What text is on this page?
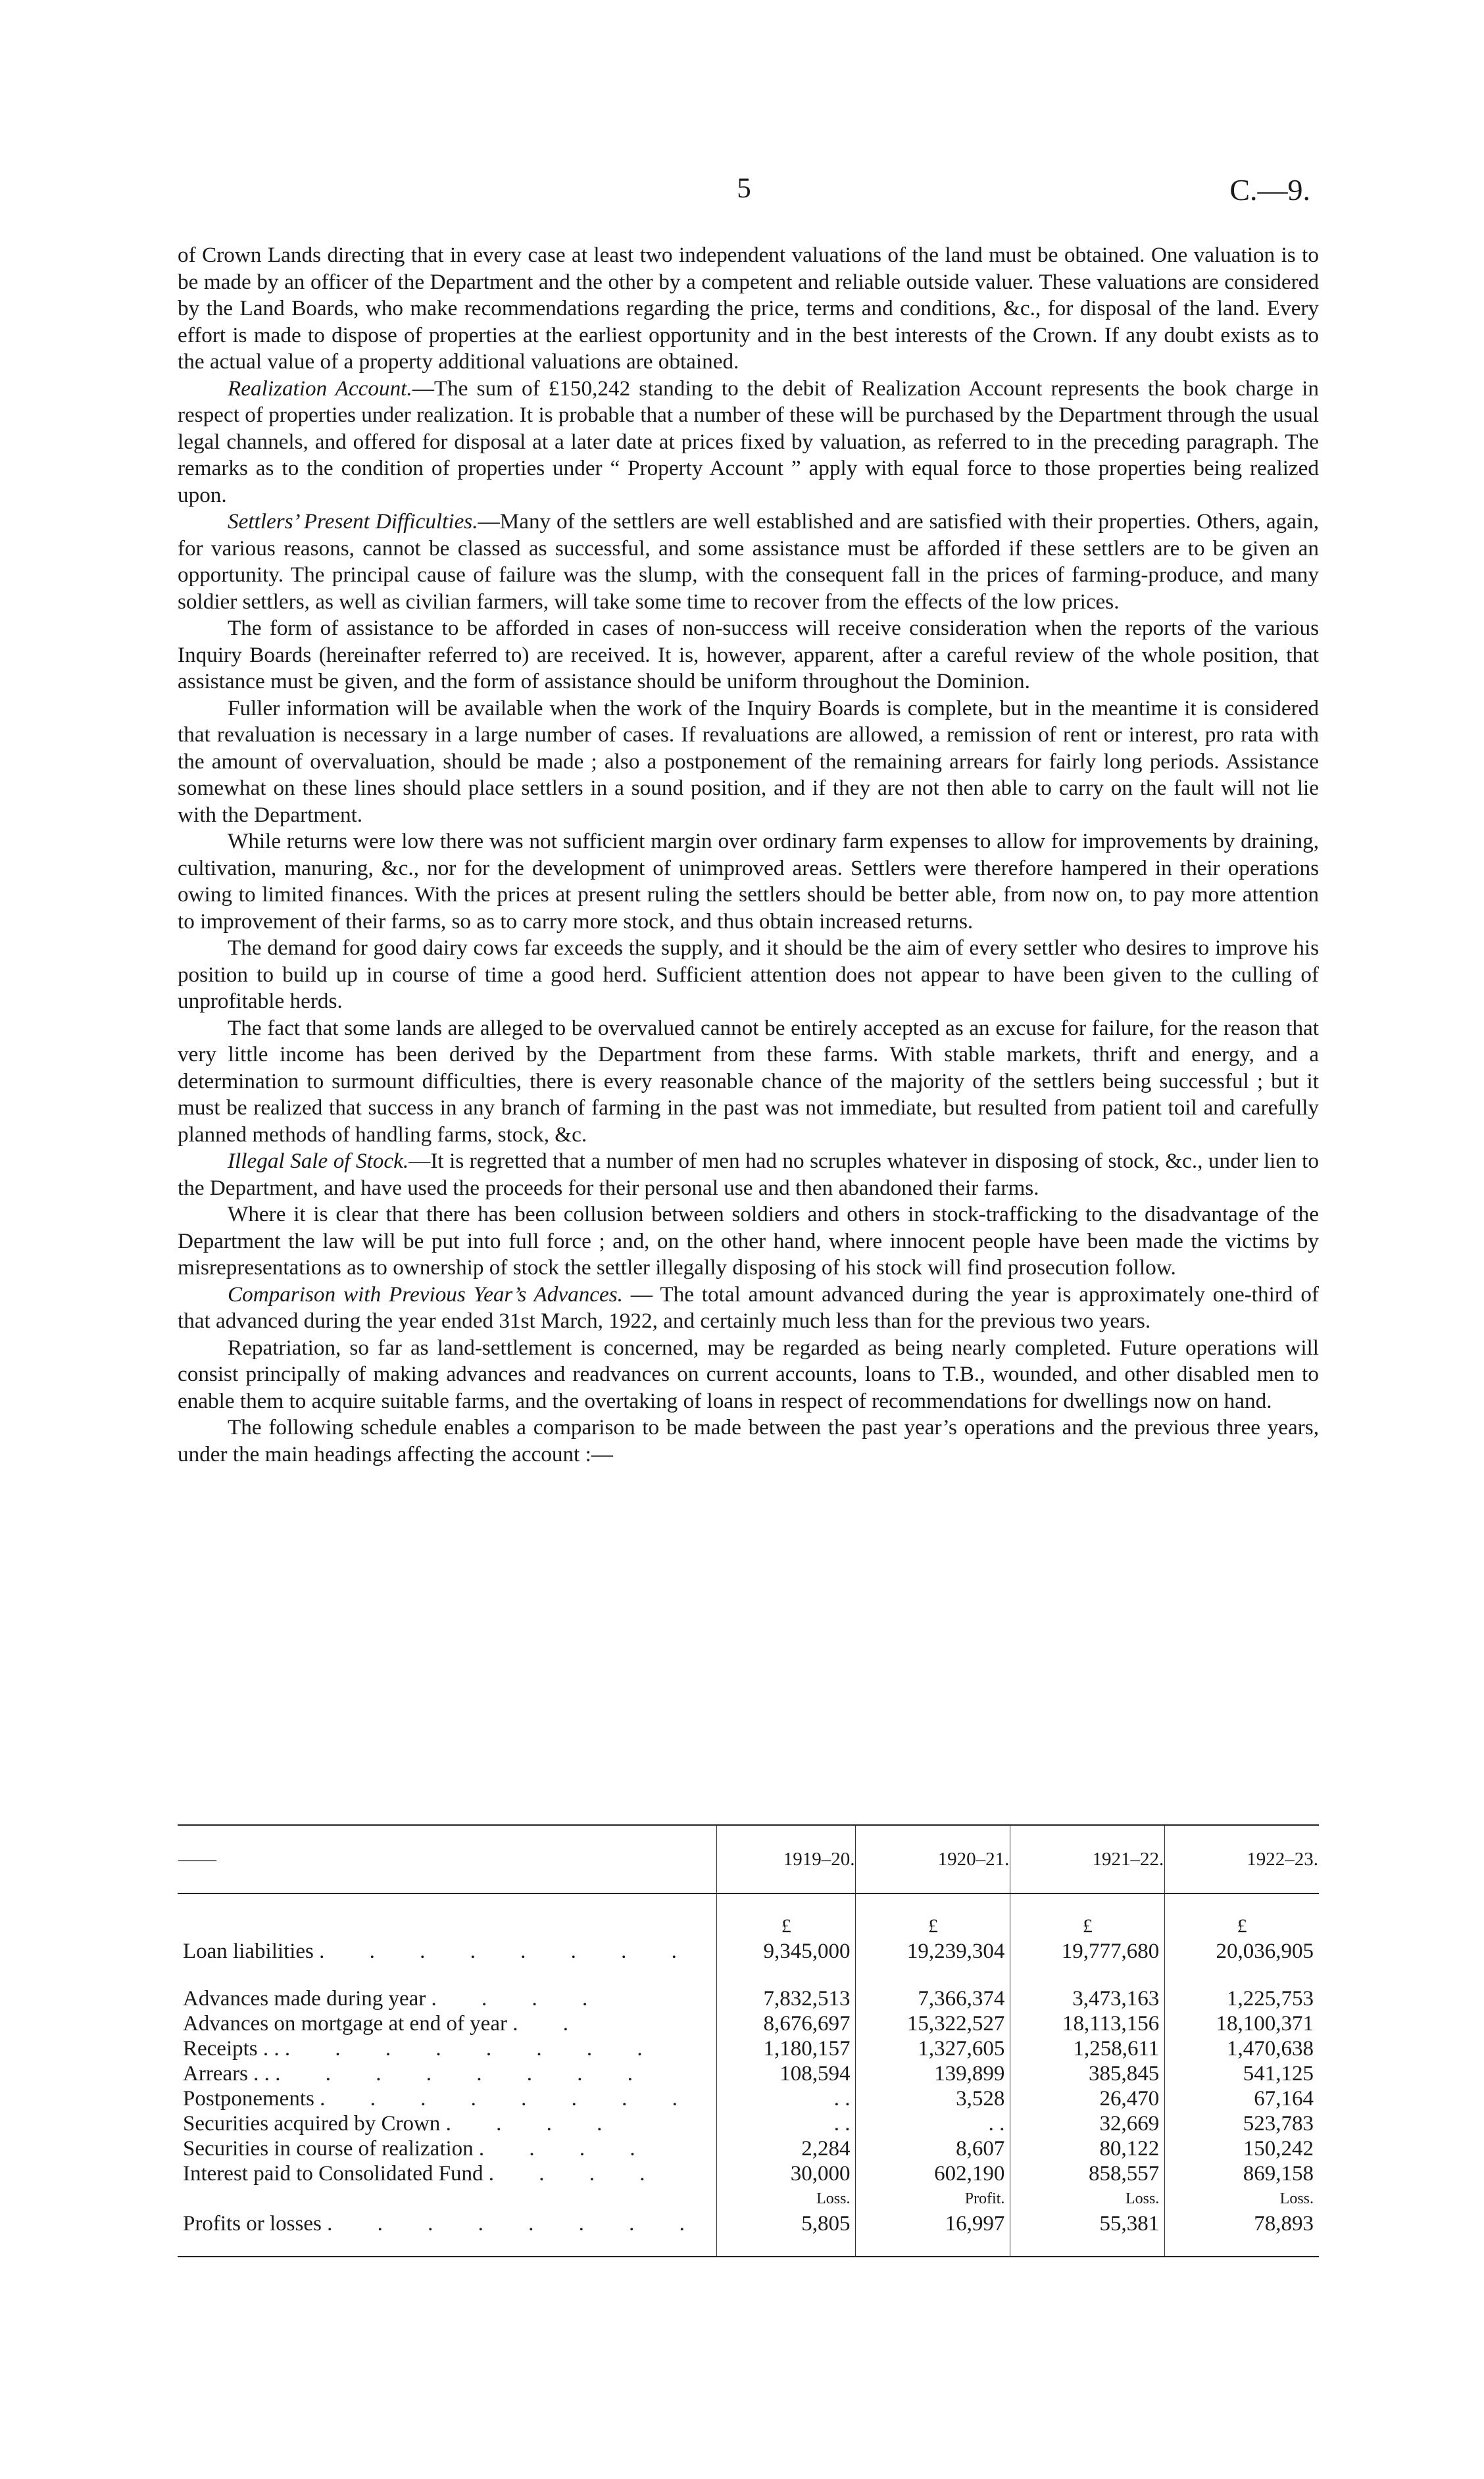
5	C.—9.

of Crown Lands directing that in every case at least two independent valuations of the land must be obtained. One valuation is to be made by an officer of the Department and the other by a competent and reliable outside valuer. These valuations are considered by the Land Boards, who make recommendations regarding the price, terms and conditions, &c., for disposal of the land. Every effort is made to dispose of properties at the earliest opportunity and in the best interests of the Crown. If any doubt exists as to the actual value of a property additional valuations are obtained.

Realization Account.—The sum of £150,242 standing to the debit of Realization Account represents the book charge in respect of properties under realization. It is probable that a number of these will be purchased by the Department through the usual legal channels, and offered for disposal at a later date at prices fixed by valuation, as referred to in the preceding paragraph. The remarks as to the condition of properties under “ Property Account ” apply with equal force to those properties being realized upon.

Settlers’ Present Difficulties.—Many of the settlers are well established and are satisfied with their properties. Others, again, for various reasons, cannot be classed as successful, and some assistance must be afforded if these settlers are to be given an opportunity. The principal cause of failure was the slump, with the consequent fall in the prices of farming-produce, and many soldier settlers, as well as civilian farmers, will take some time to recover from the effects of the low prices.

The form of assistance to be afforded in cases of non-success will receive consideration when the reports of the various Inquiry Boards (hereinafter referred to) are received. It is, however, apparent, after a careful review of the whole position, that assistance must be given, and the form of assistance should be uniform throughout the Dominion.

Fuller information will be available when the work of the Inquiry Boards is complete, but in the meantime it is considered that revaluation is necessary in a large number of cases. If revaluations are allowed, a remission of rent or interest, pro rata with the amount of overvaluation, should be made ; also a postponement of the remaining arrears for fairly long periods. Assistance somewhat on these lines should place settlers in a sound position, and if they are not then able to carry on the fault will not lie with the Department.

While returns were low there was not sufficient margin over ordinary farm expenses to allow for improvements by draining, cultivation, manuring, &c., nor for the development of unimproved areas. Settlers were therefore hampered in their operations owing to limited finances. With the prices at present ruling the settlers should be better able, from now on, to pay more attention to improvement of their farms, so as to carry more stock, and thus obtain increased returns.

The demand for good dairy cows far exceeds the supply, and it should be the aim of every settler who desires to improve his position to build up in course of time a good herd. Sufficient attention does not appear to have been given to the culling of unprofitable herds.

The fact that some lands are alleged to be overvalued cannot be entirely accepted as an excuse for failure, for the reason that very little income has been derived by the Department from these farms. With stable markets, thrift and energy, and a determination to surmount difficulties, there is every reasonable chance of the majority of the settlers being successful ; but it must be realized that success in any branch of farming in the past was not immediate, but resulted from patient toil and carefully planned methods of handling farms, stock, &c.

Illegal Sale of Stock.—It is regretted that a number of men had no scruples whatever in disposing of stock, &c., under lien to the Department, and have used the proceeds for their personal use and then abandoned their farms.

Where it is clear that there has been collusion between soldiers and others in stock-trafficking to the disadvantage of the Department the law will be put into full force ; and, on the other hand, where innocent people have been made the victims by misrepresentations as to ownership of stock the settler illegally disposing of his stock will find prosecution follow.

Comparison with Previous Year’s Advances. — The total amount advanced during the year is approximately one-third of that advanced during the year ended 31st March, 1922, and certainly much less than for the previous two years.

Repatriation, so far as land-settlement is concerned, may be regarded as being nearly completed. Future operations will consist principally of making advances and readvances on current accounts, loans to T.B., wounded, and other disabled men to enable them to acquire suitable farms, and the overtaking of loans in respect of recommendations for dwellings now on hand.

The following schedule enables a comparison to be made between the past year’s operations and the previous three years, under the main headings affecting the account :—

——	1919–20.	1920–21.	1921–22.	1922–23.
	£	£	£	£
Loan liabilities . . . . . . . .	9,345,000	19,239,304	19,777,680	20,036,905

Advances made during year . . . .	7,832,513	7,366,374	3,473,163	1,225,753
Advances on mortgage at end of year . .	8,676,697	15,322,527	18,113,156	18,100,371
Receipts . . . . . . . . . .	1,180,157	1,327,605	1,258,611	1,470,638
Arrears . . . . . . . . . .	108,594	139,899	385,845	541,125
Postponements . . . . . . . .	. .	3,528	26,470	67,164
Securities acquired by Crown . . . .	. .	. .	32,669	523,783
Securities in course of realization . . . .	2,284	8,607	80,122	150,242
Interest paid to Consolidated Fund . . . .	30,000	602,190	858,557	869,158
	Loss.	Profit.	Loss.	Loss.
Profits or losses . . . . . . . .	5,805	16,997	55,381	78,893
